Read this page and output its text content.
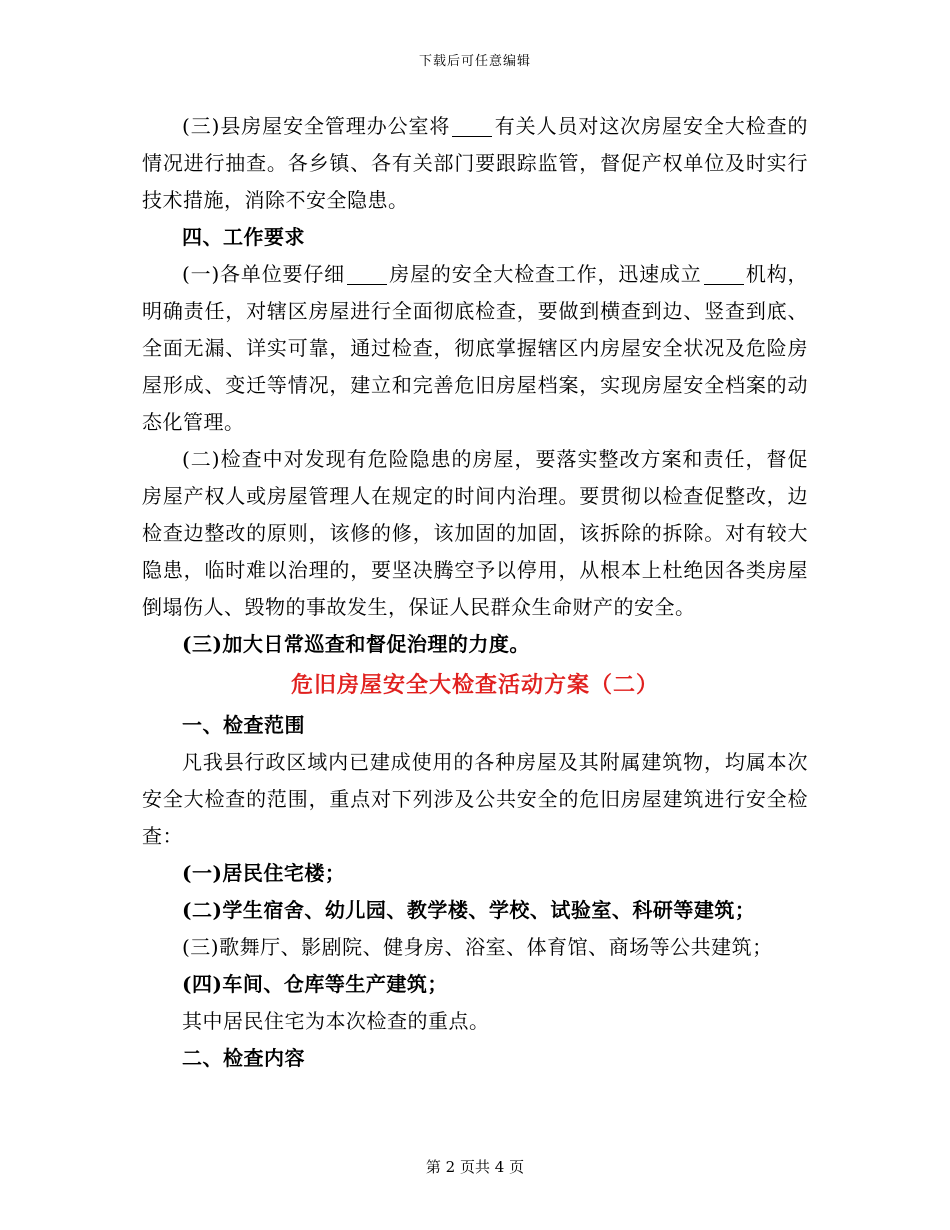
下载后可任意编辑

(三)县房屋安全管理办公室将 有关人员对这次房屋安全大检查的情况进行抽查。各乡镇、各有关部门要跟踪监管，督促产权单位及时实行技术措施，消除不安全隐患。

四、工作要求

(一)各单位要仔细 房屋的安全大检查工作，迅速成立 机构，明确责任，对辖区房屋进行全面彻底检查，要做到横查到边、竖查到底、全面无漏、详实可靠，通过检查，彻底掌握辖区内房屋安全状况及危险房屋形成、变迁等情况，建立和完善危旧房屋档案，实现房屋安全档案的动态化管理。

(二)检查中对发现有危险隐患的房屋，要落实整改方案和责任，督促房屋产权人或房屋管理人在规定的时间内治理。要贯彻以检查促整改，边检查边整改的原则，该修的修，该加固的加固，该拆除的拆除。对有较大隐患，临时难以治理的，要坚决腾空予以停用，从根本上杜绝因各类房屋倒塌伤人、毁物的事故发生，保证人民群众生命财产的安全。

(三)加大日常巡查和督促治理的力度。

危旧房屋安全大检查活动方案（二）

一、检查范围

凡我县行政区域内已建成使用的各种房屋及其附属建筑物，均属本次安全大检查的范围，重点对下列涉及公共安全的危旧房屋建筑进行安全检查：

(一)居民住宅楼；

(二)学生宿舍、幼儿园、教学楼、学校、试验室、科研等建筑；

(三)歌舞厅、影剧院、健身房、浴室、体育馆、商场等公共建筑；

(四)车间、仓库等生产建筑；

其中居民住宅为本次检查的重点。

二、检查内容

第 2 页共 4 页
